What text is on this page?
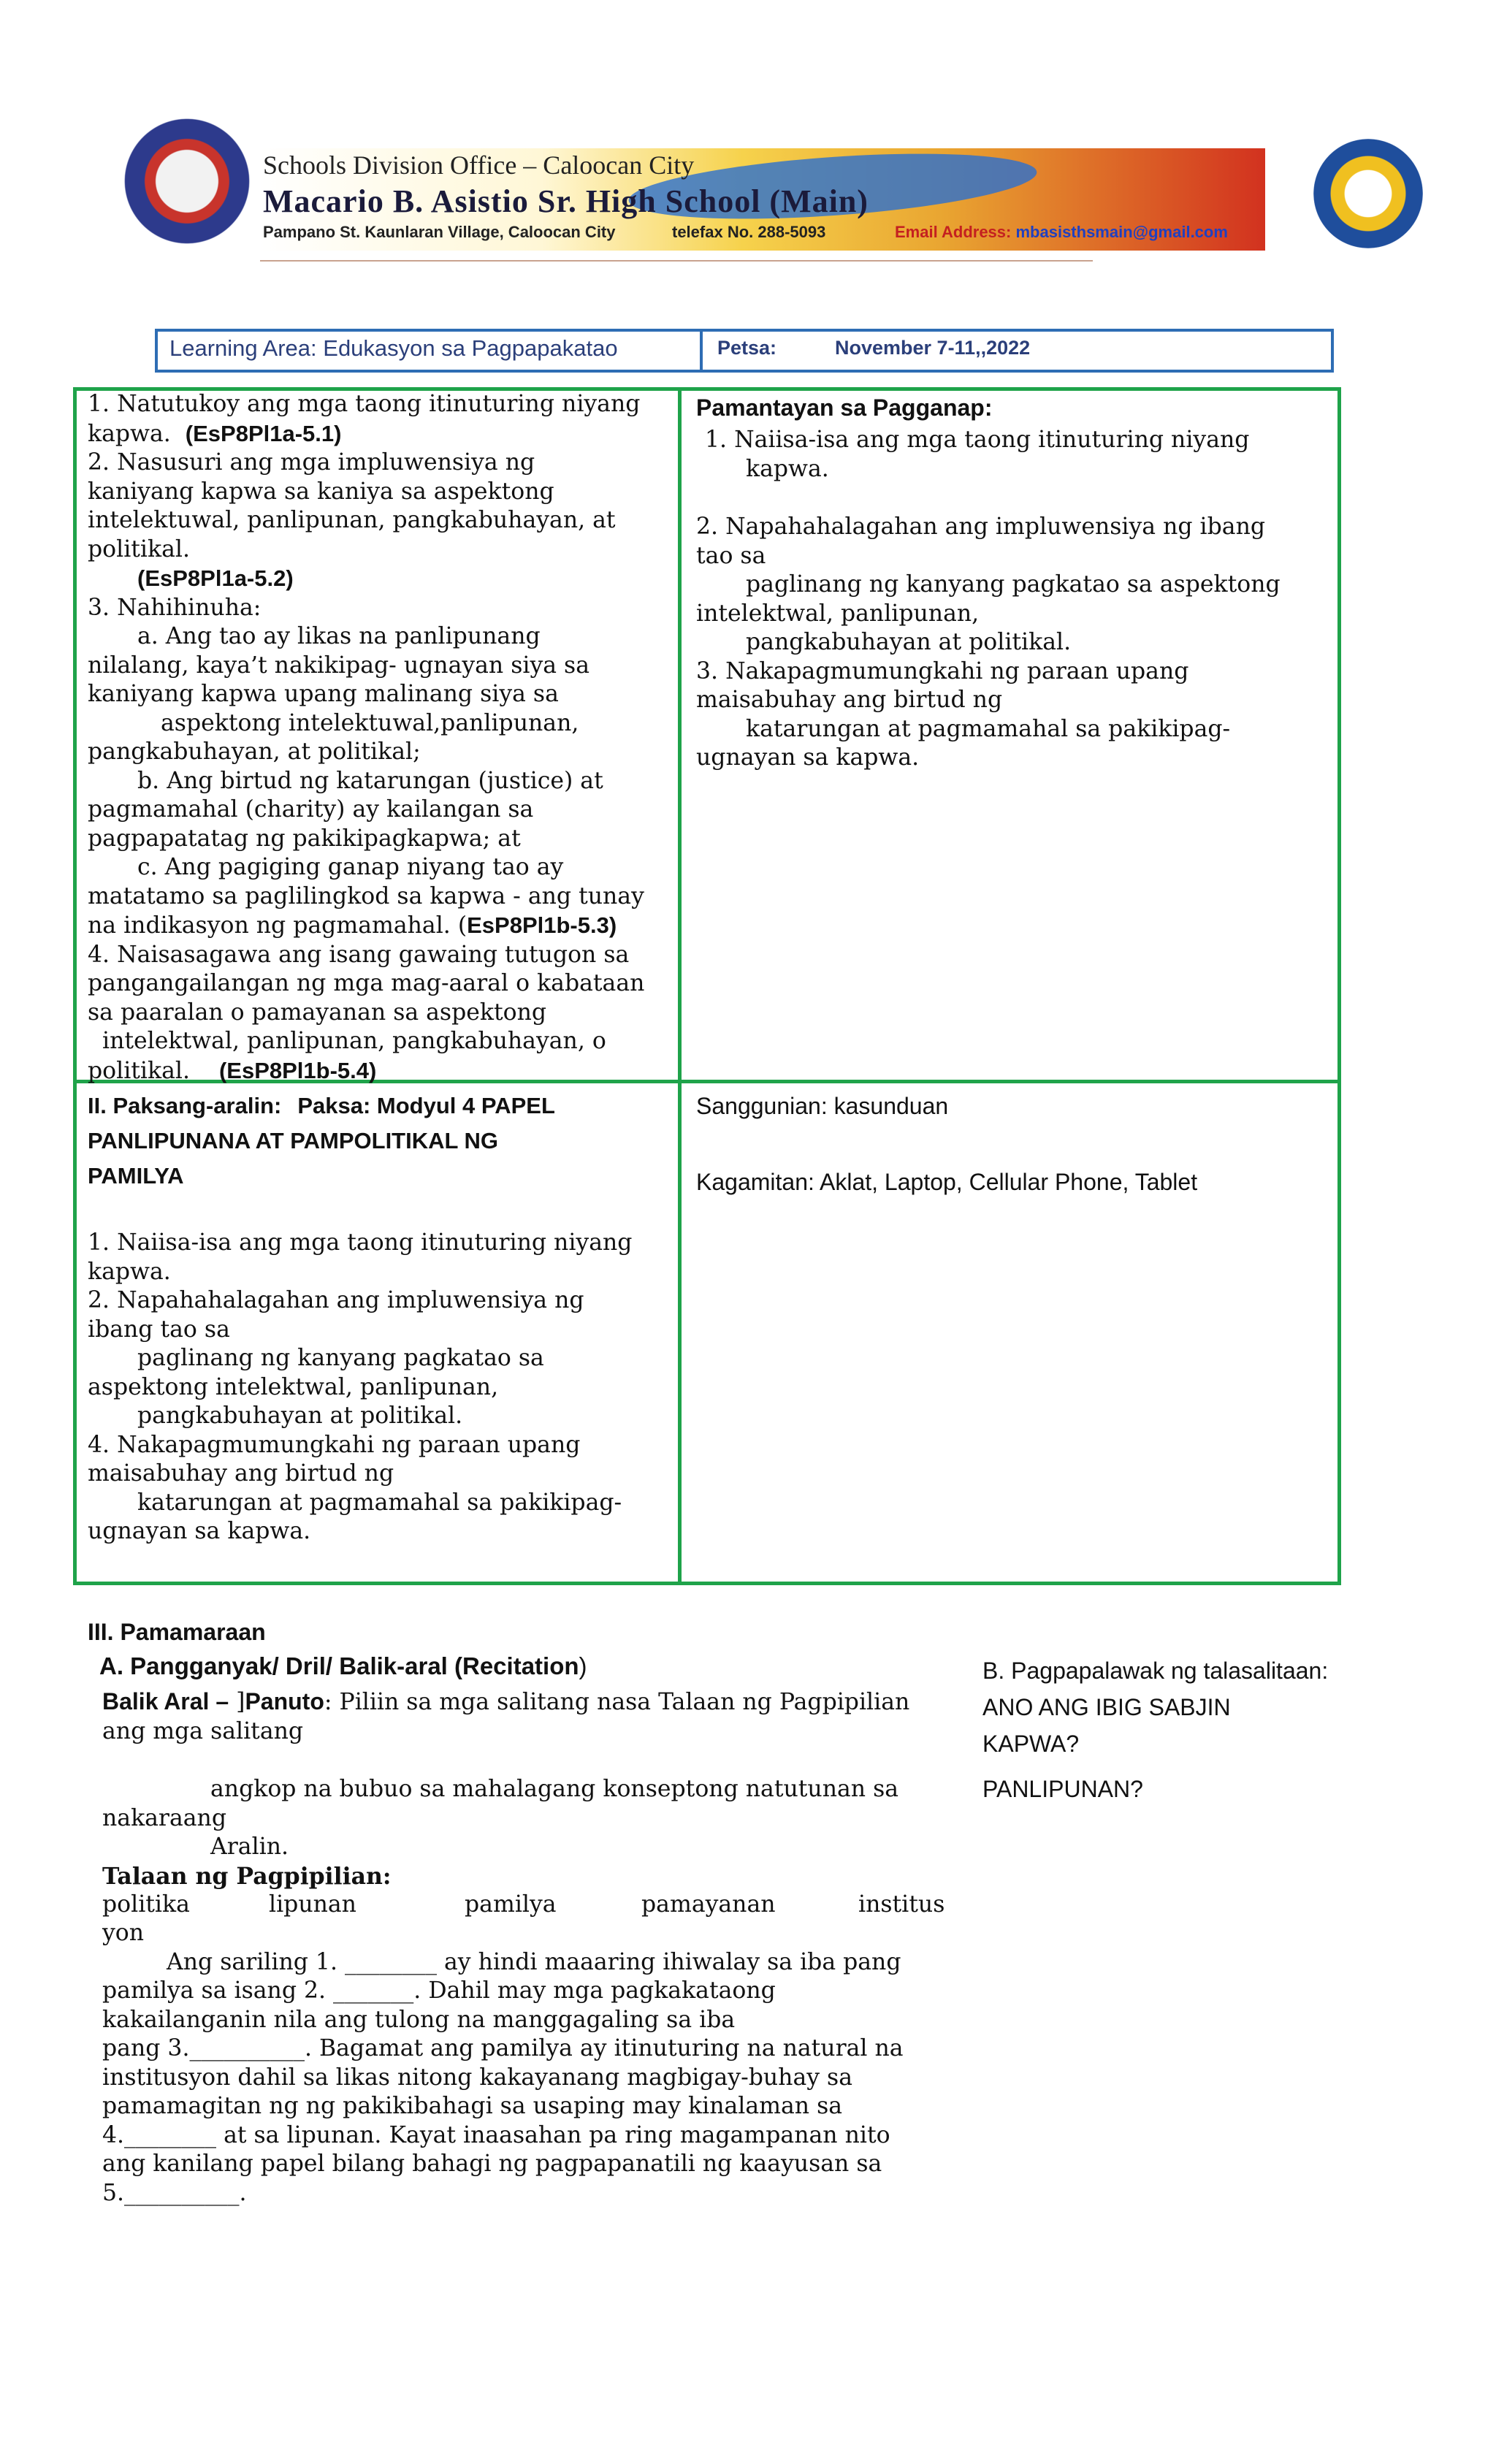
Schools Division Office – Caloocan City
Macario B. Asistio Sr. High School (Main)
Pampano St. Kaunlaran Village, Caloocan City	telefax No. 288-5093	Email Address: mbasisthsmain@gmail.com
Learning Area: Edukasyon sa Pagpapakatao	Petsa:	November 7-11,,2022
1. Natutukoy ang mga taong itinuturing niyang
kapwa. (EsP8Pl1a-5.1)
2. Nasusuri ang mga impluwensiya ng
kaniyang kapwa sa kaniya sa aspektong
intelektuwal, panlipunan, pangkabuhayan, at
politikal.
(EsP8Pl1a-5.2)
3. Nahihinuha:
a. Ang tao ay likas na panlipunang
nilalang, kaya’t nakikipag- ugnayan siya sa
kaniyang kapwa upang malinang siya sa
aspektong intelektuwal,panlipunan,
pangkabuhayan, at politikal;
b. Ang birtud ng katarungan (justice) at
pagmamahal (charity) ay kailangan sa
pagpapatatag ng pakikipagkapwa; at
c. Ang pagiging ganap niyang tao ay
matatamo sa paglilingkod sa kapwa - ang tunay
na indikasyon ng pagmamahal. (EsP8Pl1b-5.3)
4. Naisasagawa ang isang gawaing tutugon sa
pangangailangan ng mga mag-aaral o kabataan
sa paaralan o pamayanan sa aspektong
intelektwal, panlipunan, pangkabuhayan, o
politikal. (EsP8Pl1b-5.4)
Pamantayan sa Pagganap:
1. Naiisa-isa ang mga taong itinuturing niyang
kapwa.
2. Napahahalagahan ang impluwensiya ng ibang
tao sa
paglinang ng kanyang pagkatao sa aspektong
intelektwal, panlipunan,
pangkabuhayan at politikal.
3. Nakapagmumungkahi ng paraan upang
maisabuhay ang birtud ng
katarungan at pagmamahal sa pakikipag-
ugnayan sa kapwa.
II. Paksang-aralin: Paksa: Modyul 4 PAPEL
PANLIPUNANA AT PAMPOLITIKAL NG
PAMILYA
1. Naiisa-isa ang mga taong itinuturing niyang
kapwa.
2. Napahahalagahan ang impluwensiya ng
ibang tao sa
paglinang ng kanyang pagkatao sa
aspektong intelektwal, panlipunan,
pangkabuhayan at politikal.
4. Nakapagmumungkahi ng paraan upang
maisabuhay ang birtud ng
katarungan at pagmamahal sa pakikipag-
ugnayan sa kapwa.
Sanggunian: kasunduan
Kagamitan: Aklat, Laptop, Cellular Phone, Tablet
III. Pamamaraan
A. Pangganyak/ Dril/ Balik-aral (Recitation)
Balik Aral – ]Panuto: Piliin sa mga salitang nasa Talaan ng Pagpipilian
ang mga salitang
angkop na bubuo sa mahalagang konseptong natutunan sa
nakaraang
Aralin.
Talaan ng Pagpipilian:
politika	lipunan	pamilya	pamayanan	institus
yon
Ang sariling 1. ________ ay hindi maaaring ihiwalay sa iba pang
pamilya sa isang 2. _______. Dahil may mga pagkakataong
kakailanganin nila ang tulong na manggagaling sa iba
pang 3.__________. Bagamat ang pamilya ay itinuturing na natural na
institusyon dahil sa likas nitong kakayanang magbigay-buhay sa
pamamagitan ng ng pakikibahagi sa usaping may kinalaman sa
4.________ at sa lipunan. Kayat inaasahan pa ring magampanan nito
ang kanilang papel bilang bahagi ng pagpapanatili ng kaayusan sa
5.__________.
B. Pagpapalawak ng talasalitaan:
ANO ANG IBIG SABJIN
KAPWA?
PANLIPUNAN?
